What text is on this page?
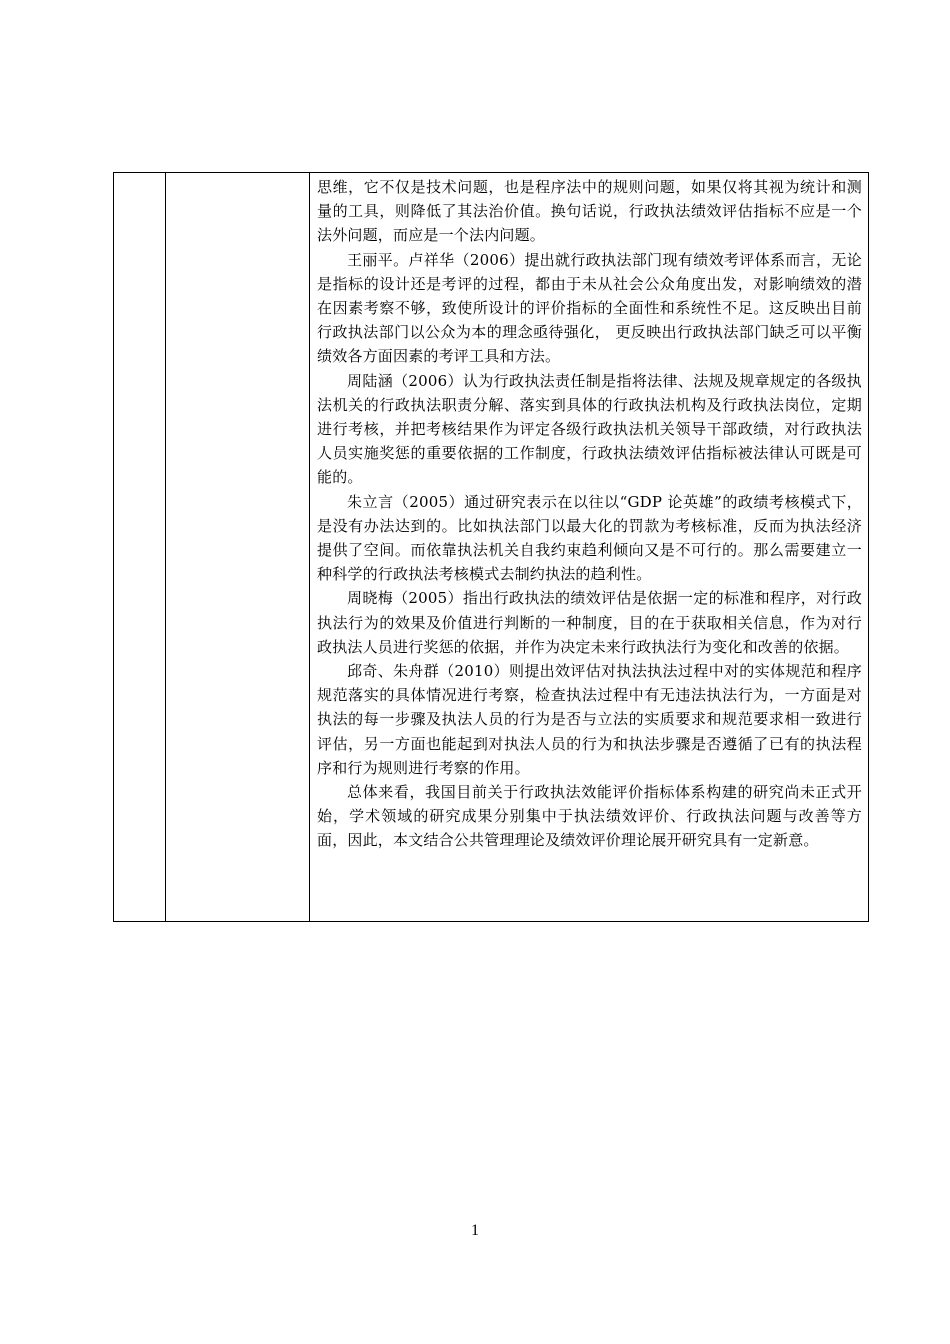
思维，它不仅是技术问题，也是程序法中的规则问题，如果仅将其视为统计和测量的工具，则降低了其法治价值。换句话说，行政执法绩效评估指标不应是一个法外问题，而应是一个法内问题。

王丽平。卢祥华（2006）提出就行政执法部门现有绩效考评体系而言，无论是指标的设计还是考评的过程，都由于未从社会公众角度出发，对影响绩效的潜在因素考察不够，致使所设计的评价指标的全面性和系统性不足。这反映出目前行政执法部门以公众为本的理念亟待强化， 更反映出行政执法部门缺乏可以平衡绩效各方面因素的考评工具和方法。

周陆涵（2006）认为行政执法责任制是指将法律、法规及规章规定的各级执法机关的行政执法职责分解、落实到具体的行政执法机构及行政执法岗位，定期进行考核，并把考核结果作为评定各级行政执法机关领导干部政绩，对行政执法人员实施奖惩的重要依据的工作制度，行政执法绩效评估指标被法律认可既是可能的。

朱立言（2005）通过研究表示在以往以“GDP 论英雄”的政绩考核模式下，是没有办法达到的。比如执法部门以最大化的罚款为考核标准，反而为执法经济提供了空间。而依靠执法机关自我约束趋利倾向又是不可行的。那么需要建立一种科学的行政执法考核模式去制约执法的趋利性。

周晓梅（2005）指出行政执法的绩效评估是依据一定的标准和程序，对行政执法行为的效果及价值进行判断的一种制度，目的在于获取相关信息，作为对行政执法人员进行奖惩的依据，并作为决定未来行政执法行为变化和改善的依据。

邱奇、朱舟群（2010）则提出效评估对执法执法过程中对的实体规范和程序规范落实的具体情况进行考察，检查执法过程中有无违法执法行为，一方面是对执法的每一步骤及执法人员的行为是否与立法的实质要求和规范要求相一致进行评估，另一方面也能起到对执法人员的行为和执法步骤是否遵循了已有的执法程序和行为规则进行考察的作用。

总体来看，我国目前关于行政执法效能评价指标体系构建的研究尚未正式开始，学术领域的研究成果分别集中于执法绩效评价、行政执法问题与改善等方面，因此，本文结合公共管理理论及绩效评价理论展开研究具有一定新意。

1
